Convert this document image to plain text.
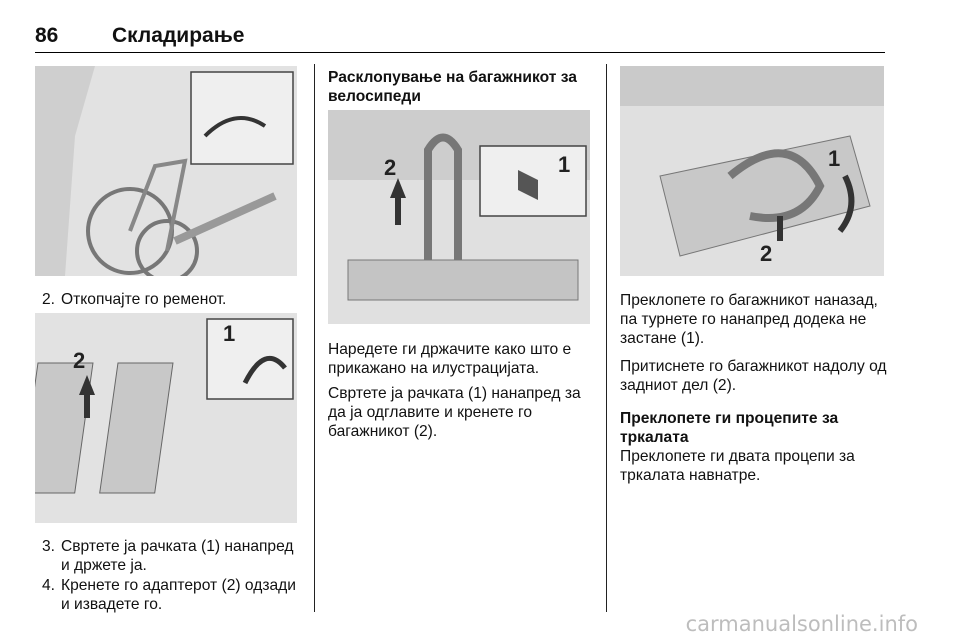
86	Складирање
2. Откопчајте го ременот.
2
1
3. Свртете ја рачката (1) нанапред и држете ја.
4. Кренете го адаптерот (2) одзади и извадете го.

Расклопување на багажникот за велосипеди

2	1

Наредете ги држачите како што е прикажано на илустрацијата.

Свртете ја рачката (1) нанапред за да ја одглавите и кренете го багажникот (2).

1
2

Преклопете го багажникот наназад, па турнете го нанапред додека не застане (1).

Притиснете го багажникот надолу од задниот дел (2).

Преклопете ги процепите за тркалата

Преклопете ги двата процепи за тркалата навнатре.

carmanualsonline.info
